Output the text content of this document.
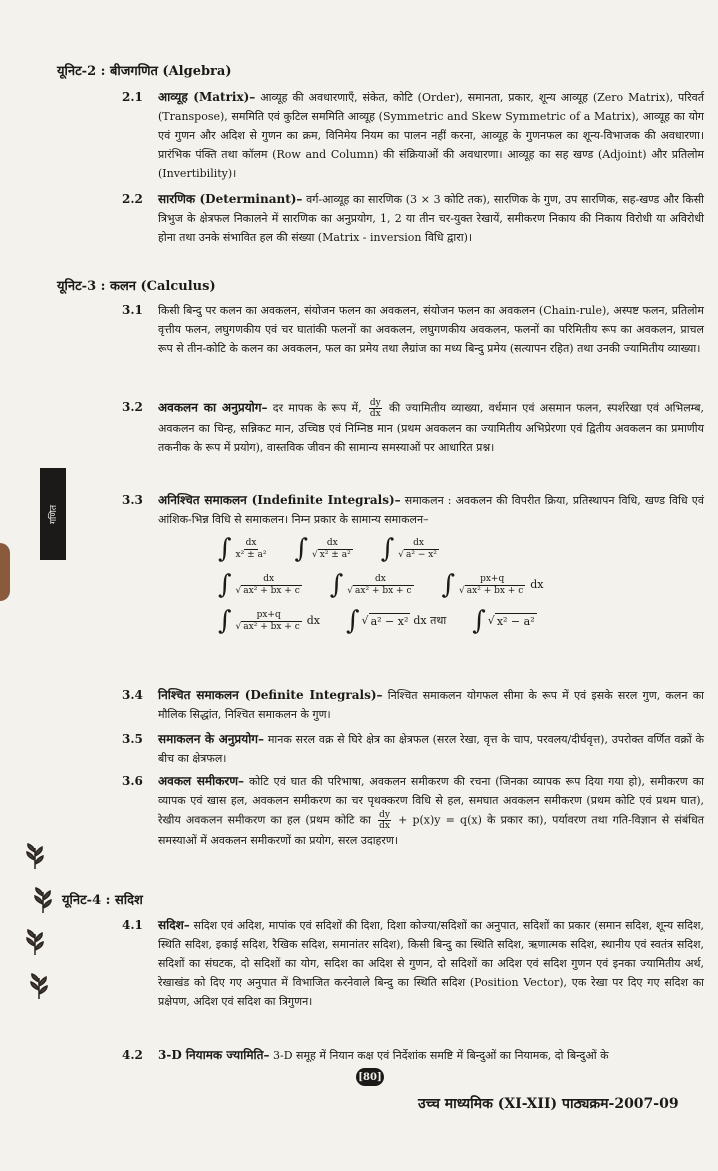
गणित
यूनिट-2 : बीजगणित (Algebra)
2.1 आव्यूह (Matrix)– आव्यूह की अवधारणाएँ, संकेत, कोटि (Order), समानता, प्रकार, शून्य आव्यूह (Zero Matrix), परिवर्त (Transpose), सममिति एवं कुटिल सममिति आव्यूह (Symmetric and Skew Symmetric of a Matrix), आव्यूह का योग एवं गुणन और अदिश से गुणन का क्रम, विनिमेय नियम का पालन नहीं करना, आव्यूह के गुणनफल का शून्य-विभाजक की अवधारणा। प्रारंभिक पंक्ति तथा कॉलम (Row and Column) की संक्रियाओं की अवधारणा। आव्यूह का सह खण्ड (Adjoint) और प्रतिलोम (Invertibility)।
2.2 सारणिक (Determinant)– वर्ग-आव्यूह का सारणिक (3 × 3 कोटि तक), सारणिक के गुण, उप सारणिक, सह-खण्ड और किसी त्रिभुज के क्षेत्रफल निकालने में सारणिक का अनुप्रयोग, 1, 2 या तीन चर-युक्त रेखायें, समीकरण निकाय की निकाय विरोधी या अविरोधी होना तथा उनके संभावित हल की संख्या (Matrix - inversion विधि द्वारा)।
यूनिट-3 : कलन (Calculus)
3.1 किसी बिन्दु पर कलन का अवकलन, संयोजन फलन का अवकलन, संयोजन फलन का अवकलन (Chain-rule), अस्पष्ट फलन, प्रतिलोम वृत्तीय फलन, लघुगणकीय एवं चर घातांकी फलनों का अवकलन, लघुगणकीय अवकलन, फलनों का परिमितीय रूप का अवकलन, प्राचल रूप से तीन-कोटि के कलन का अवकलन, फल का प्रमेय तथा लैग्रांज का मध्य बिन्दु प्रमेय (सत्यापन रहित) तथा उनकी ज्यामितीय व्याख्या।
3.2 अवकलन का अनुप्रयोग– दर मापक के रूप में, $\frac{dy}{dx}$ की ज्यामितीय व्याख्या, वर्धमान एवं असमान फलन, स्पर्शरेखा एवं अभिलम्ब, अवकलन का चिन्ह, सन्निकट मान, उच्चिष्ठ एवं निम्निष्ठ मान (प्रथम अवकलन का ज्यामितीय अभिप्रेरणा एवं द्वितीय अवकलन का प्रमाणीय तकनीक के रूप में प्रयोग), वास्तविक जीवन की सामान्य समस्याओं पर आधारित प्रश्न।
3.3 अनिश्चित समाकलन (Indefinite Integrals)– समाकलन : अवकलन की विपरीत क्रिया, प्रतिस्थापन विधि, खण्ड विधि एवं आंशिक-भिन्न विधि से समाकलन। निम्न प्रकार के सामान्य समाकलन–
∫ $\frac{dx}{\text{x² ± a²}}$ ∫ $\frac{dx}{\text{√ x² ± a²}}$ ∫ $\frac{dx}{\text{√ a² − x²}}$
∫ $\frac{dx}{\text{√ ax² + bx + c}}$ ∫ $\frac{dx}{\text{√ ax² + bx + c}}$ ∫ $\frac{px+q}{\text{√ ax² + bx + c}}$ dx
∫ $\frac{px+q}{\text{√ ax² + bx + c}}$ dx ∫ √ a² − x² dx तथा ∫ √ x² − a²
3.4 निश्चित समाकलन (Definite Integrals)– निश्चित समाकलन योगफल सीमा के रूप में एवं इसके सरल गुण, कलन का मौलिक सिद्धांत, निश्चित समाकलन के गुण।
3.5 समाकलन के अनुप्रयोग– मानक सरल वक्र से घिरे क्षेत्र का क्षेत्रफल (सरल रेखा, वृत्त के चाप, परवलय/दीर्घवृत्त), उपरोक्त वर्णित वक्रों के बीच का क्षेत्रफल।
3.6 अवकल समीकरण– कोटि एवं घात की परिभाषा, अवकलन समीकरण की रचना (जिनका व्यापक रूप दिया गया हो), समीकरण का व्यापक एवं खास हल, अवकलन समीकरण का चर पृथक्करण विधि से हल, समघात अवकलन समीकरण (प्रथम कोटि एवं प्रथम घात), रेखीय अवकलन समीकरण का हल (प्रथम कोटि का $\frac{dy}{dx} + p(x)y = q(x)$ के प्रकार का), पर्यावरण तथा गति-विज्ञान से संबंधित समस्याओं में अवकलन समीकरणों का प्रयोग, सरल उदाहरण।
यूनिट-4 : सदिश
4.1 सदिश– सदिश एवं अदिश, मापांक एवं सदिशों की दिशा, दिशा कोज्या/सदिशों का अनुपात, सदिशों का प्रकार (समान सदिश, शून्य सदिश, स्थिति सदिश, इकाई सदिश, रैखिक सदिश, समानांतर सदिश), किसी बिन्दु का स्थिति सदिश, ऋणात्मक सदिश, स्थानीय एवं स्वतंत्र सदिश, सदिशों का संघटक, दो सदिशों का योग, सदिश का अदिश से गुणन, दो सदिशों का अदिश एवं सदिश गुणन एवं इनका ज्यामितीय अर्थ, रेखाखंड को दिए गए अनुपात में विभाजित करनेवाले बिन्दु का स्थिति सदिश (Position Vector), एक रेखा पर दिए गए सदिश का प्रक्षेपण, अदिश एवं सदिश का त्रिगुणन।
4.2 3-D नियामक ज्यामिति– 3-D समूह में नियान कक्ष एवं निर्देशांक समष्टि में बिन्दुओं का नियामक, दो बिन्दुओं के
[80]
उच्च माध्यमिक (XI-XII) पाठ्यक्रम-2007-09
